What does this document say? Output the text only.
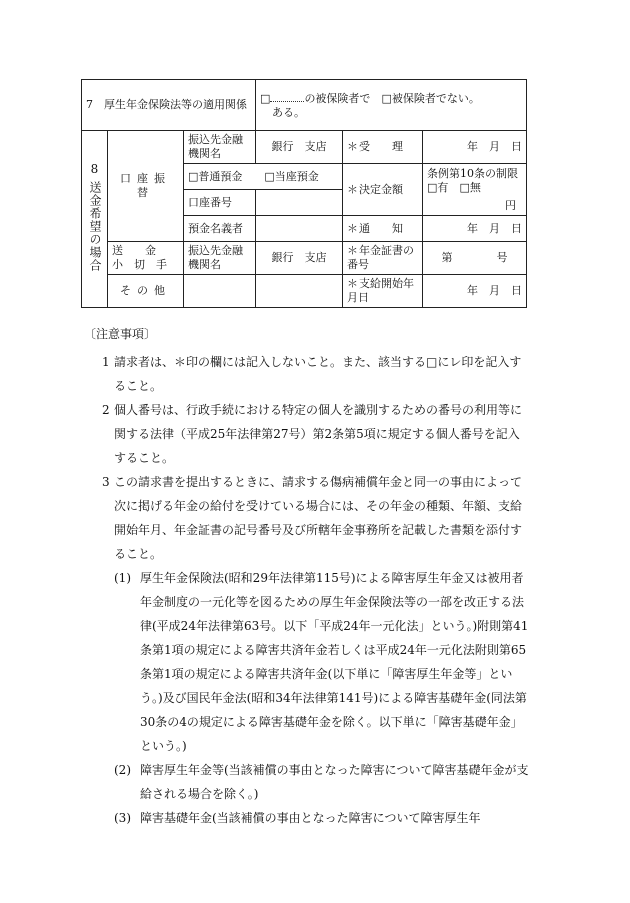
7　厚生年金保険法等の適用関係			□ の被保険者で　 □被保険者でない。
ある。		

8
送金希望の場合	口座振替	振込先金融機関名	銀行　支店	＊受　　理	年　月　日
		□普通預金　　 □当座預金		＊決定金額	条例第10条の制限
□有　 □無
円

		口座番号			
		預金名義者		＊通　　知	年　月　日
	送　　金
小　切　手	振込先金融機関名	銀行　支店	＊年金証書の番号	第　　　　号
	その他			＊支給開始年月日	年　月　日

〔注意事項〕

1 請求者は、＊印の欄には記入しないこと。また、該当する□にレ印を記入すること。

2 個人番号は、行政手続における特定の個人を識別するための番号の利用等に関する法律（平成25年法律第27号）第2条第5項に規定する個人番号を記入すること。

3 この請求書を提出するときに、請求する傷病補償年金と同一の事由によって次に掲げる年金の給付を受けている場合には、その年金の種類、年額、支給開始年月、年金証書の記号番号及び所轄年金事務所を記載した書類を添付すること。

(1) 厚生年金保険法(昭和29年法律第115号)による障害厚生年金又は被用者年金制度の一元化等を図るための厚生年金保険法等の一部を改正する法律(平成24年法律第63号。以下「平成24年一元化法」という。)附則第41条第1項の規定による障害共済年金若しくは平成24年一元化法附則第65条第1項の規定による障害共済年金(以下単に「障害厚生年金等」という。)及び国民年金法(昭和34年法律第141号)による障害基礎年金(同法第30条の4の規定による障害基礎年金を除く。以下単に「障害基礎年金」という。)

(2) 障害厚生年金等(当該補償の事由となった障害について障害基礎年金が支給される場合を除く。)

(3) 障害基礎年金(当該補償の事由となった障害について障害厚生年
